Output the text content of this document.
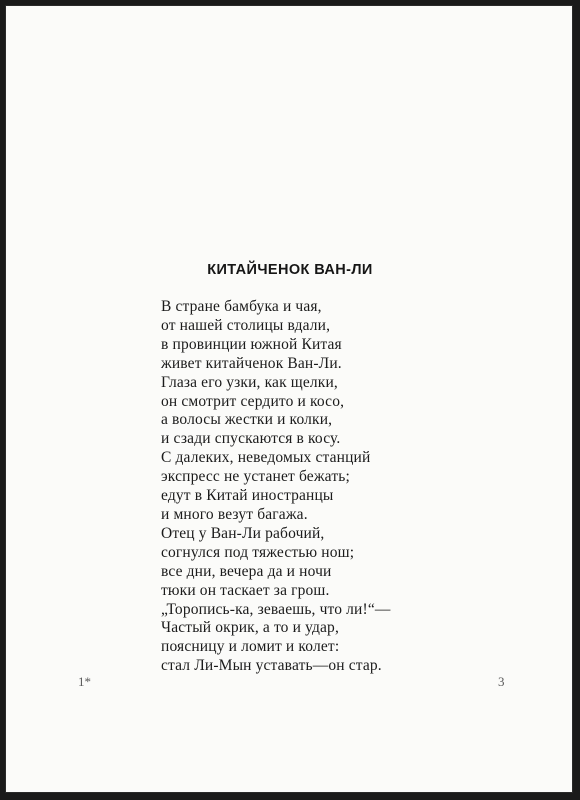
КИТАЙЧЕНОК ВАН-ЛИ
В стране бамбука и чая,
от нашей столицы вдали,
в провинции южной Китая
живет китайченок Ван-Ли.
Глаза его узки, как щелки,
он смотрит сердито и косо,
а волосы жестки и колки,
и сзади спускаются в косу.
С далеких, неведомых станций
экспресс не устанет бежать;
едут в Китай иностранцы
и много везут багажа.
Отец у Ван-Ли рабочий,
согнулся под тяжестью нош;
все дни, вечера да и ночи
тюки он таскает за грош.
„Торопись-ка, зеваешь, что ли!“—
Частый окрик, а то и удар,
поясницу и ломит и колет:
стал Ли-Мын уставать—он стар.
1*	3
